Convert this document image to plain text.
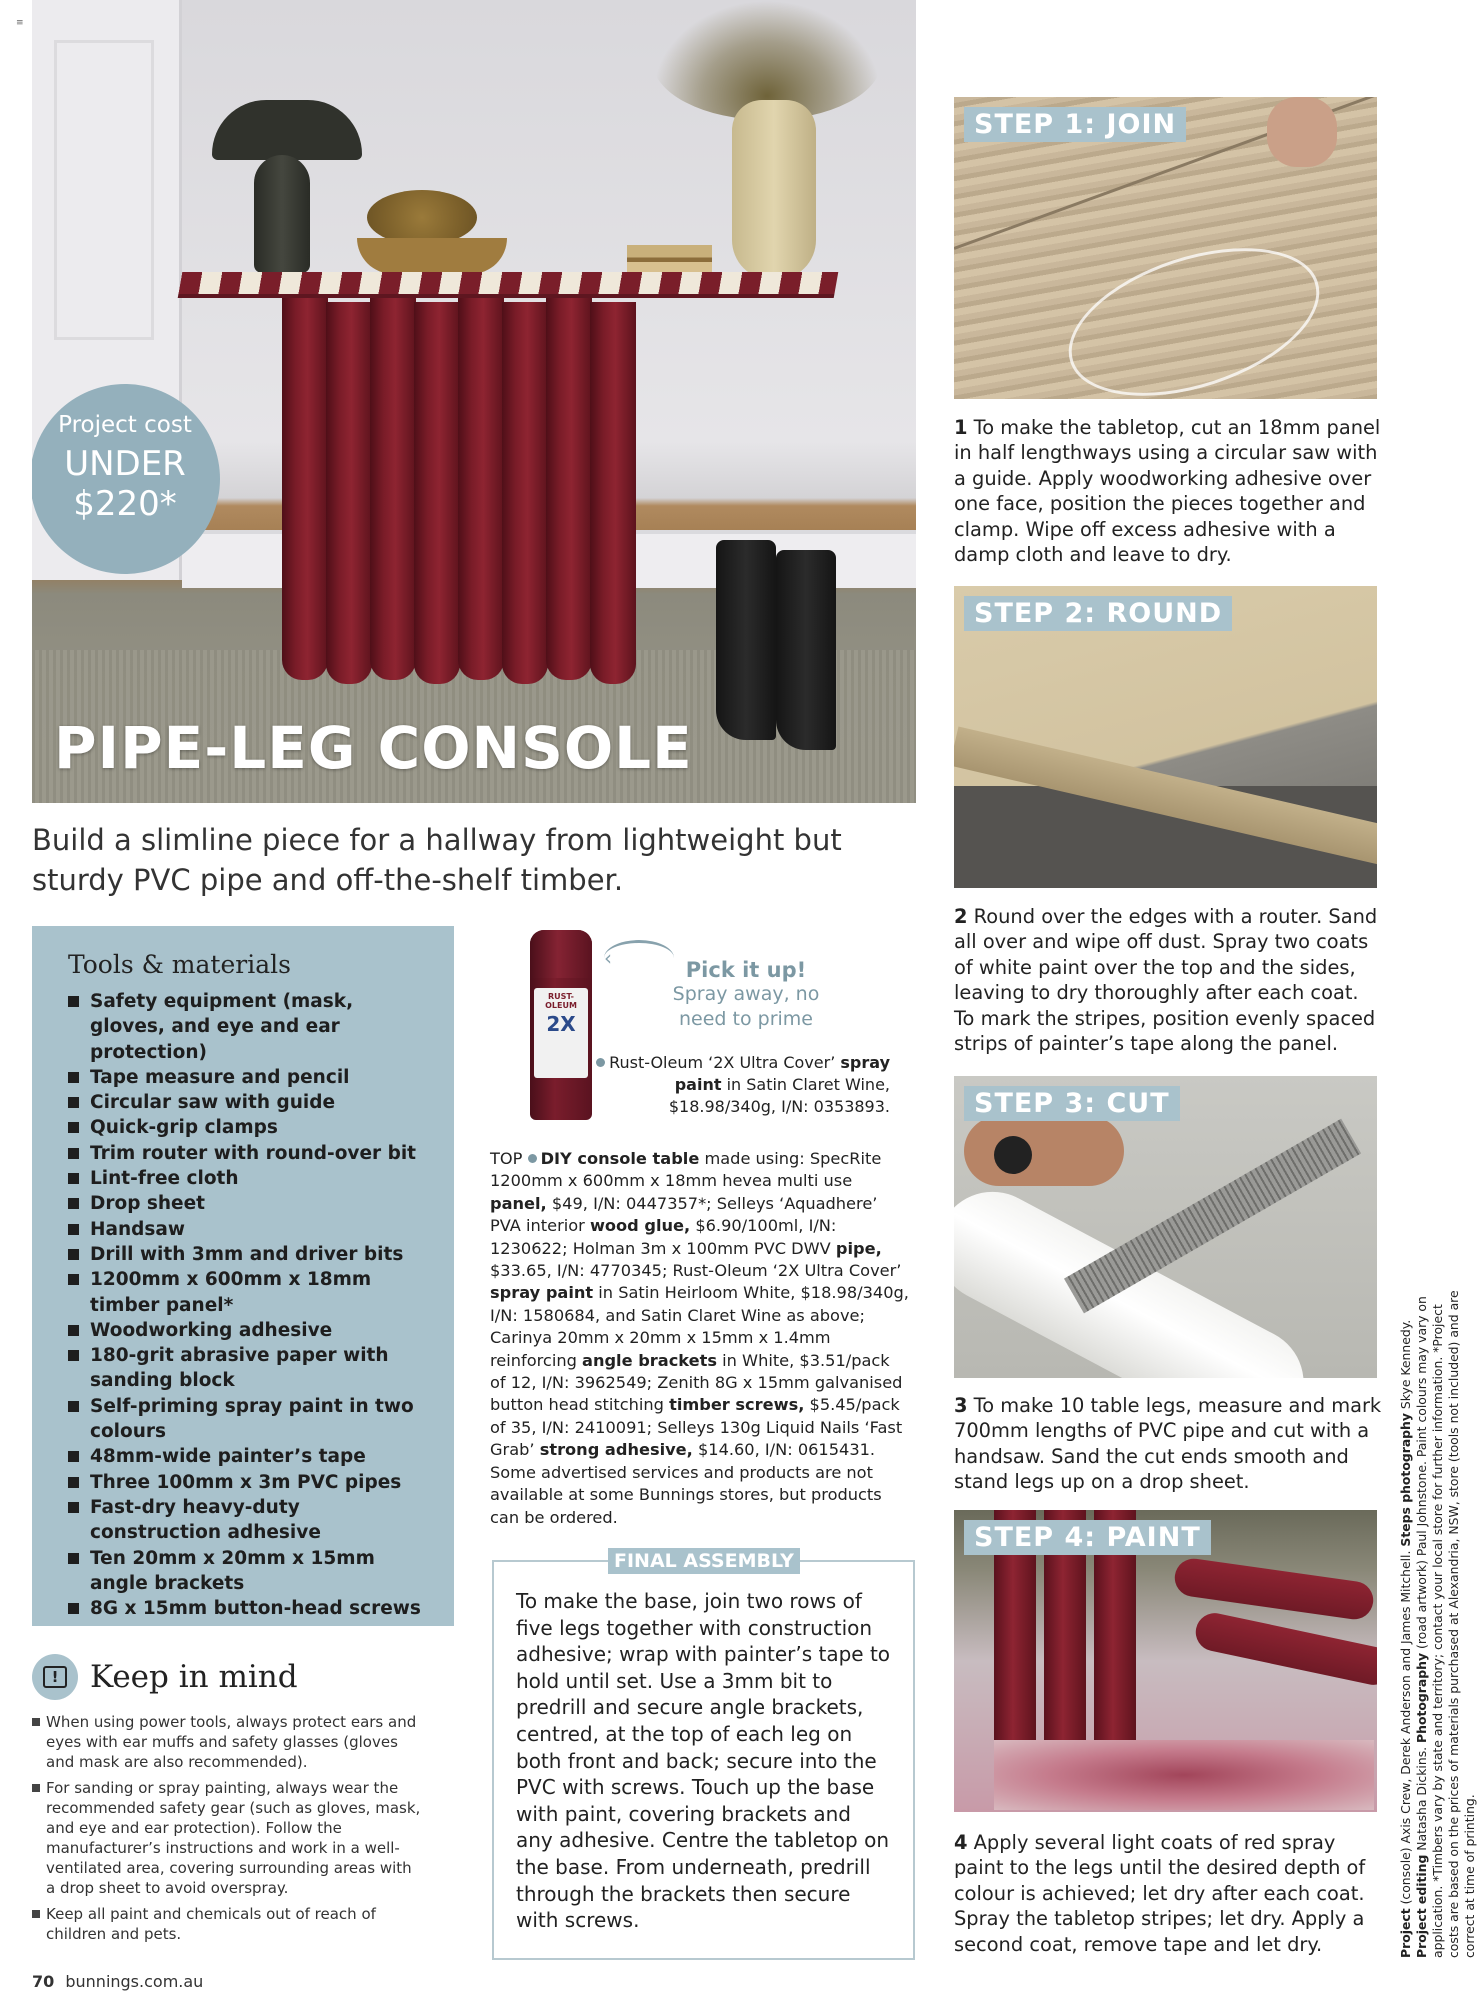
≡
Project cost
UNDER
$220*
PIPE-LEG CONSOLE
Build a slimline piece for a hallway from lightweight but sturdy PVC pipe and off-the-shelf timber.
Tools & materials
Safety equipment (mask, gloves, and eye and ear protection)
Tape measure and pencil
Circular saw with guide
Quick-grip clamps
Trim router with round-over bit
Lint-free cloth
Drop sheet
Handsaw
Drill with 3mm and driver bits
1200mm x 600mm x 18mm timber panel*
Woodworking adhesive
180-grit abrasive paper with sanding block
Self-priming spray paint in two colours
48mm-wide painter’s tape
Three 100mm x 3m PVC pipes
Fast-dry heavy-duty construction adhesive
Ten 20mm x 20mm x 15mm angle brackets
8G x 15mm button-head screws
! Keep in mind

When using power tools, always protect ears and eyes with ear muffs and safety glasses (gloves and mask are also recommended).

For sanding or spray painting, always wear the recommended safety gear (such as gloves, mask, and eye and ear protection). Follow the manufacturer’s instructions and work in a well-ventilated area, covering surrounding areas with a drop sheet to avoid overspray.

Keep all paint and chemicals out of reach of children and pets.

RUST-OLEUM
2X
‹	Pick it up!
Spray away, no need to prime
Rust-Oleum ‘2X Ultra Cover’ spray paint in Satin Claret Wine, $18.98/340g, I/N: 0353893.
TOP DIY console table made using: SpecRite 1200mm x 600mm x 18mm hevea multi use panel, $49, I/N: 0447357*; Selleys ‘Aquadhere’ PVA interior wood glue, $6.90/100ml, I/N: 1230622; Holman 3m x 100mm PVC DWV pipe, $33.65, I/N: 4770345; Rust-Oleum ‘2X Ultra Cover’ spray paint in Satin Heirloom White, $18.98/340g, I/N: 1580684, and Satin Claret Wine as above; Carinya 20mm x 20mm x 15mm x 1.4mm reinforcing angle brackets in White, $3.51/pack of 12, I/N: 3962549; Zenith 8G x 15mm galvanised button head stitching timber screws, $5.45/pack of 35, I/N: 2410091; Selleys 130g Liquid Nails ‘Fast Grab’ strong adhesive, $14.60, I/N: 0615431. Some advertised services and products are not available at some Bunnings stores, but products can be ordered.
FINAL ASSEMBLY

To make the base, join two rows of five legs together with construction adhesive; wrap with painter’s tape to hold until set. Use a 3mm bit to predrill and secure angle brackets, centred, at the top of each leg on both front and back; secure into the PVC with screws. Touch up the base with paint, covering brackets and any adhesive. Centre the tabletop on the base. From underneath, predrill through the brackets then secure with screws.

STEP 1: JOIN
1 To make the tabletop, cut an 18mm panel in half lengthways using a circular saw with a guide. Apply woodworking adhesive over one face, position the pieces together and clamp. Wipe off excess adhesive with a damp cloth and leave to dry.
STEP 2: ROUND
2 Round over the edges with a router. Sand all over and wipe off dust. Spray two coats of white paint over the top and the sides, leaving to dry thoroughly after each coat. To mark the stripes, position evenly spaced strips of painter’s tape along the panel.
STEP 3: CUT
3 To make 10 table legs, measure and mark 700mm lengths of PVC pipe and cut with a handsaw. Sand the cut ends smooth and stand legs up on a drop sheet.
STEP 4: PAINT
4 Apply several light coats of red spray paint to the legs until the desired depth of colour is achieved; let dry after each coat. Spray the tabletop stripes; let dry. Apply a second coat, remove tape and let dry.	Project (console) Axis Crew, Derek Anderson and James Mitchell. Steps photography Skye Kennedy. Project editing Natasha Dickins. Photography (road artwork) Paul Johnstone. Paint colours may vary on application. *Timbers vary by state and territory; contact your local store for further information. *Project costs are based on the prices of materials purchased at Alexandria, NSW, store (tools not included) and are correct at time of printing.
70 bunnings.com.au
